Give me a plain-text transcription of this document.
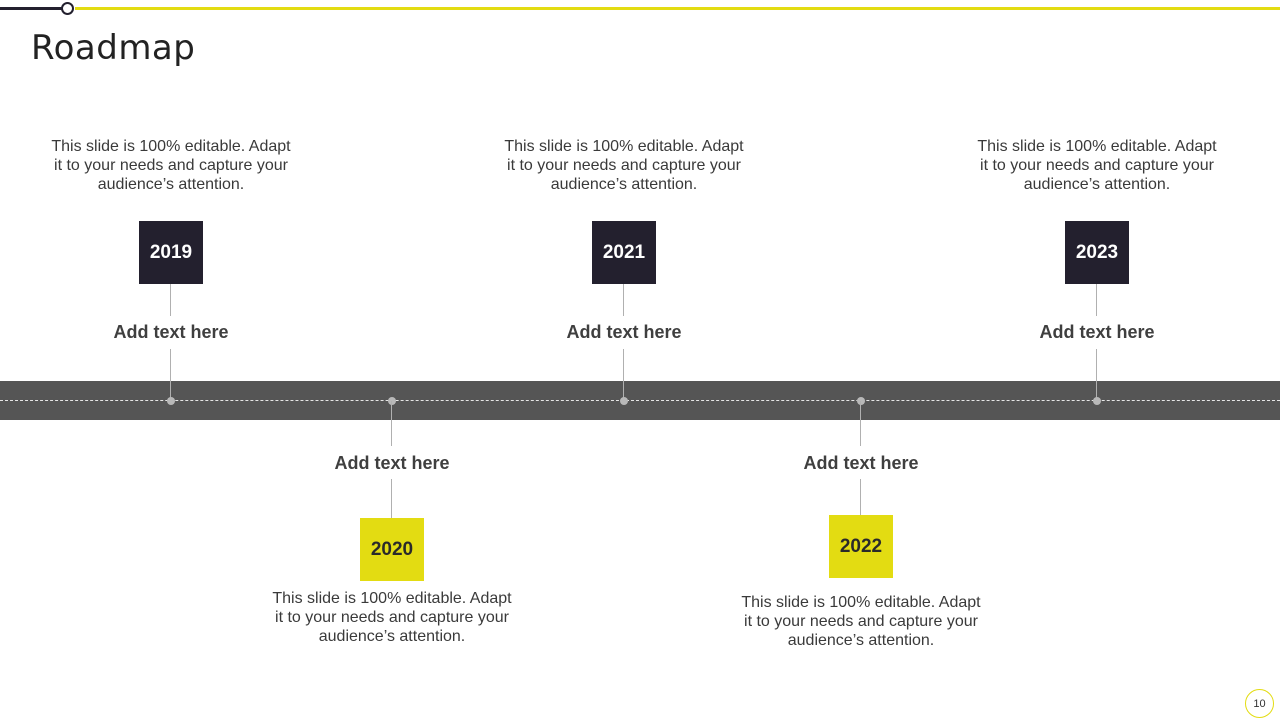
Roadmap
This slide is 100% editable. Adapt it to your needs and capture your audience’s attention.
2019
Add text here
Add text here
2020
This slide is 100% editable. Adapt it to your needs and capture your audience’s attention.
This slide is 100% editable. Adapt it to your needs and capture your audience’s attention.
2021
Add text here
Add text here
2022
This slide is 100% editable. Adapt it to your needs and capture your audience’s attention.
This slide is 100% editable. Adapt it to your needs and capture your audience’s attention.
2023
Add text here
10
